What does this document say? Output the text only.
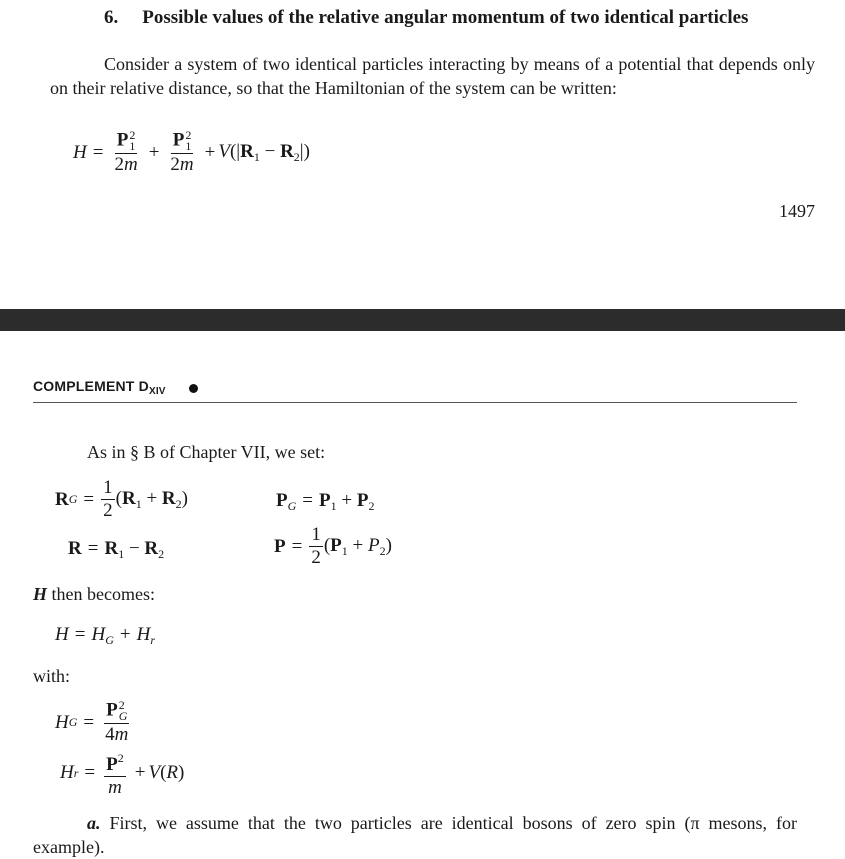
6. Possible values of the relative angular momentum of two identical particles
Consider a system of two identical particles interacting by means of a potential that depends only on their relative distance, so that the Hamiltonian of the system can be written:
H = P 2
1
2m + P 2
1
$2m + V(|R_1 - R_2|)$
1497
COMPLEMENT $D_{XIV}$
As in § B of Chapter VII, we set:
R $G = \frac{1}{2} (R_1 + R_2)$	$P_G = P_1 + P_2$
$R = R_1 - R_2$	$P = \frac{1}{2} (P_1 + P_2)$
H then becomes:
$H = H_G + H_r$
with:
H G = P 2
G
4m
H $r = \frac{P^2}{m} + V(R)$
a. First, we assume that the two particles are identical bosons of zero spin (π mesons, for example).
